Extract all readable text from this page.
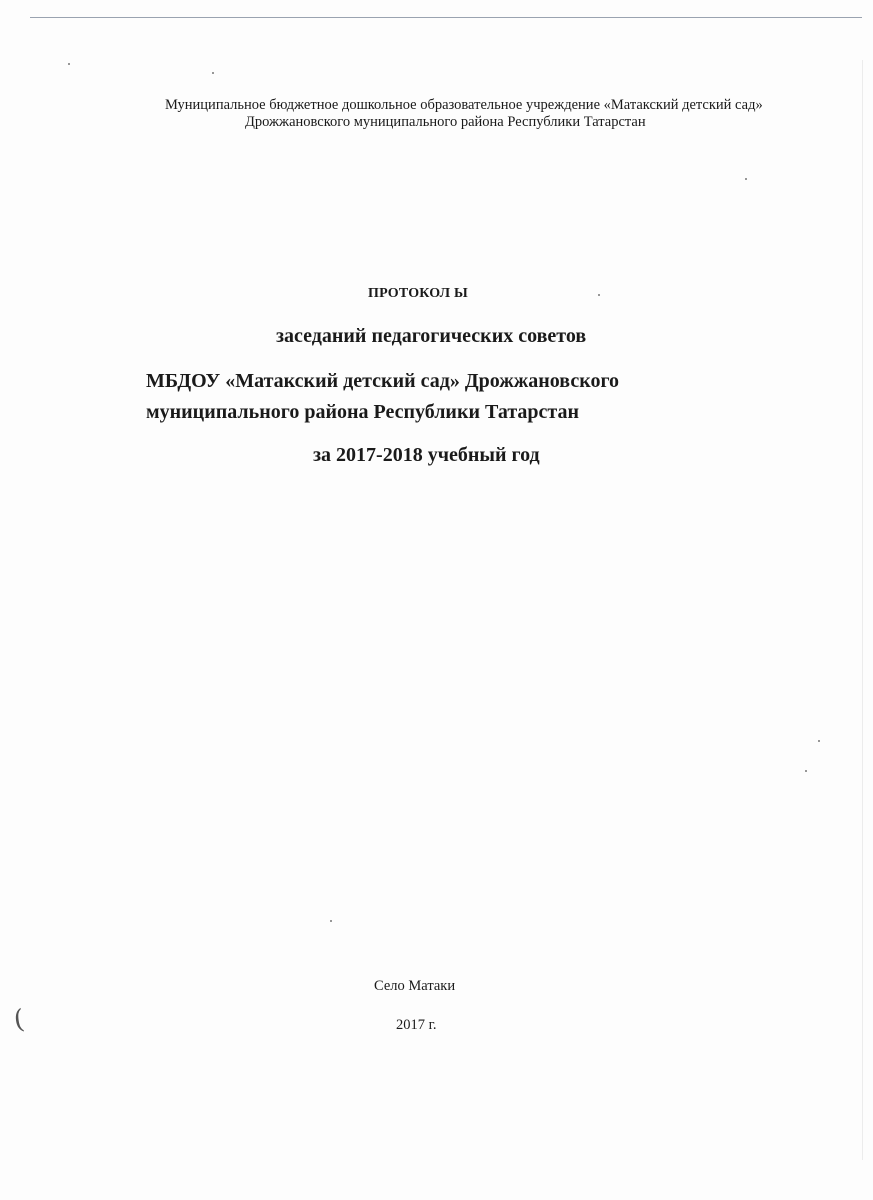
(
Муниципальное бюджетное дошкольное образовательное учреждение «Матакский детский сад»
Дрожжановского муниципального района Республики Татарстан
ПРОТОКОЛ Ы
заседаний педагогических советов
МБДОУ «Матакский детский сад» Дрожжановского
муниципального района Республики Татарстан
за 2017-2018 учебный год
Село Матаки
2017 г.
